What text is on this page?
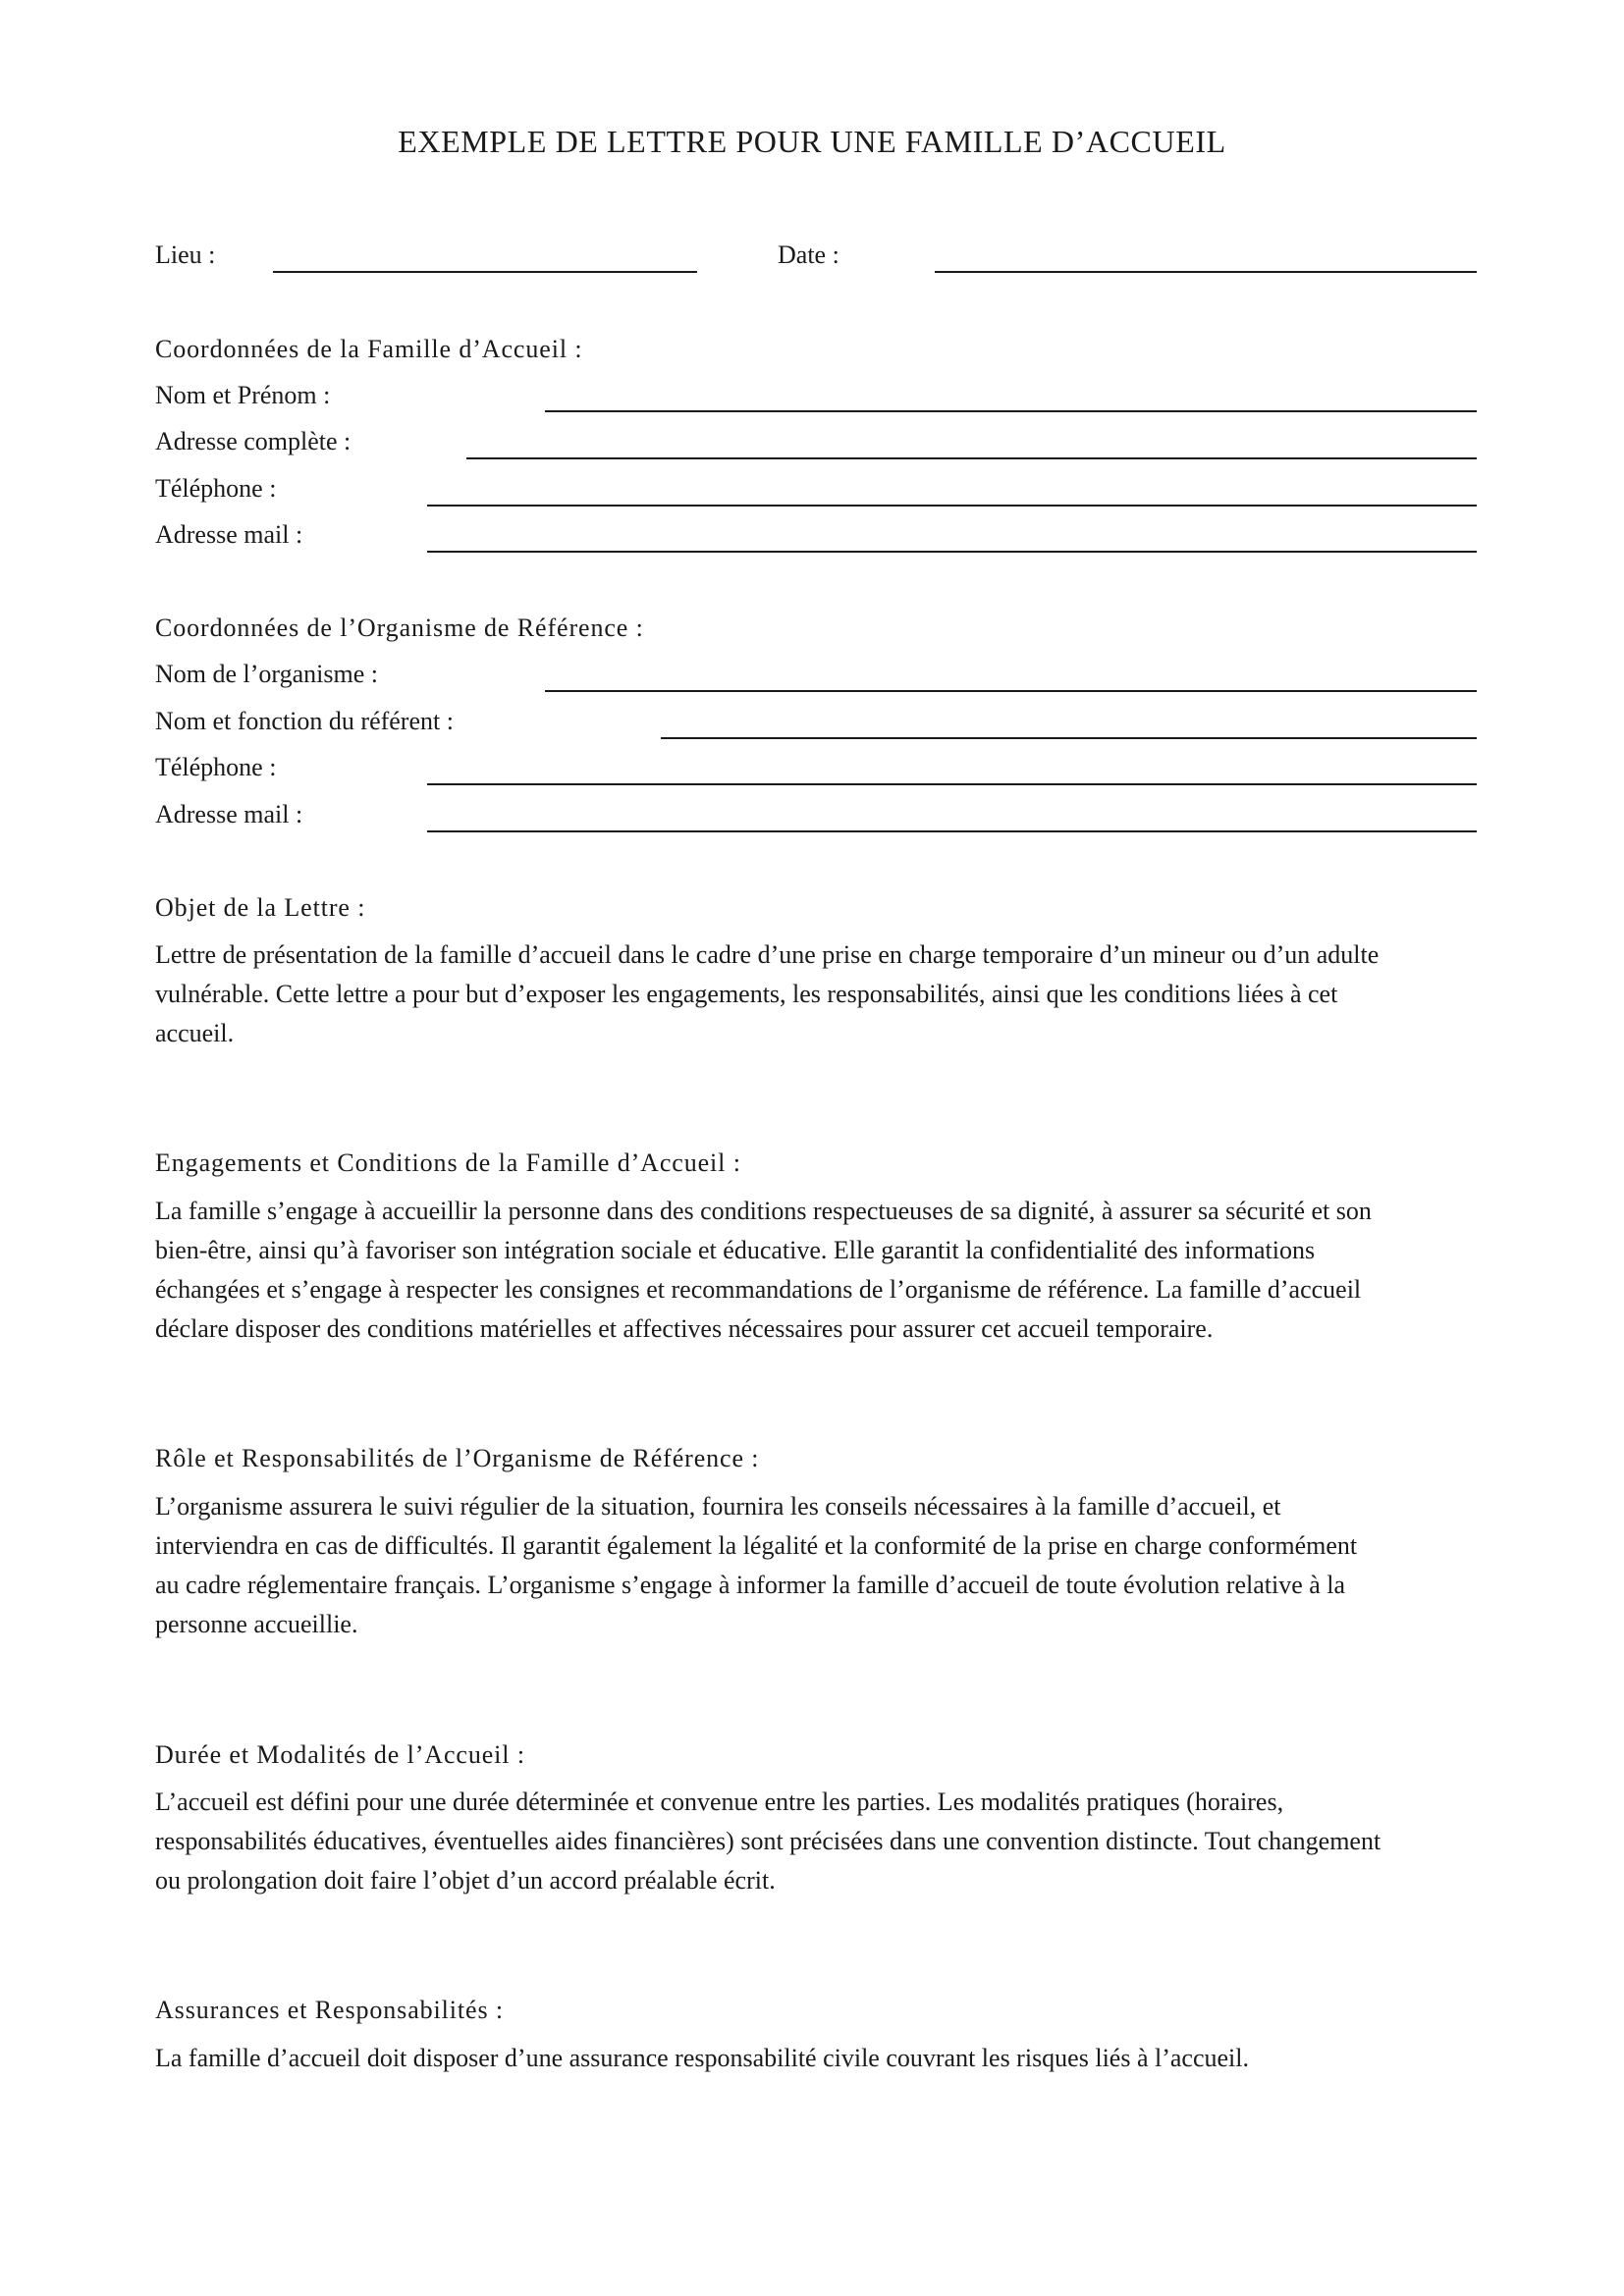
EXEMPLE DE LETTRE POUR UNE FAMILLE D’ACCUEIL
Lieu :	Date :
Coordonnées de la Famille d’Accueil :
Nom et Prénom :
Adresse complète :
Téléphone :
Adresse mail :
Coordonnées de l’Organisme de Référence :
Nom de l’organisme :
Nom et fonction du référent :
Téléphone :
Adresse mail :
Objet de la Lettre :
Lettre de présentation de la famille d’accueil dans le cadre d’une prise en charge temporaire d’un mineur ou d’un adulte
vulnérable. Cette lettre a pour but d’exposer les engagements, les responsabilités, ainsi que les conditions liées à cet
accueil.
Engagements et Conditions de la Famille d’Accueil :
La famille s’engage à accueillir la personne dans des conditions respectueuses de sa dignité, à assurer sa sécurité et son
bien-être, ainsi qu’à favoriser son intégration sociale et éducative. Elle garantit la confidentialité des informations
échangées et s’engage à respecter les consignes et recommandations de l’organisme de référence. La famille d’accueil
déclare disposer des conditions matérielles et affectives nécessaires pour assurer cet accueil temporaire.
Rôle et Responsabilités de l’Organisme de Référence :
L’organisme assurera le suivi régulier de la situation, fournira les conseils nécessaires à la famille d’accueil, et
interviendra en cas de difficultés. Il garantit également la légalité et la conformité de la prise en charge conformément
au cadre réglementaire français. L’organisme s’engage à informer la famille d’accueil de toute évolution relative à la
personne accueillie.
Durée et Modalités de l’Accueil :
L’accueil est défini pour une durée déterminée et convenue entre les parties. Les modalités pratiques (horaires,
responsabilités éducatives, éventuelles aides financières) sont précisées dans une convention distincte. Tout changement
ou prolongation doit faire l’objet d’un accord préalable écrit.
Assurances et Responsabilités :
La famille d’accueil doit disposer d’une assurance responsabilité civile couvrant les risques liés à l’accueil.
